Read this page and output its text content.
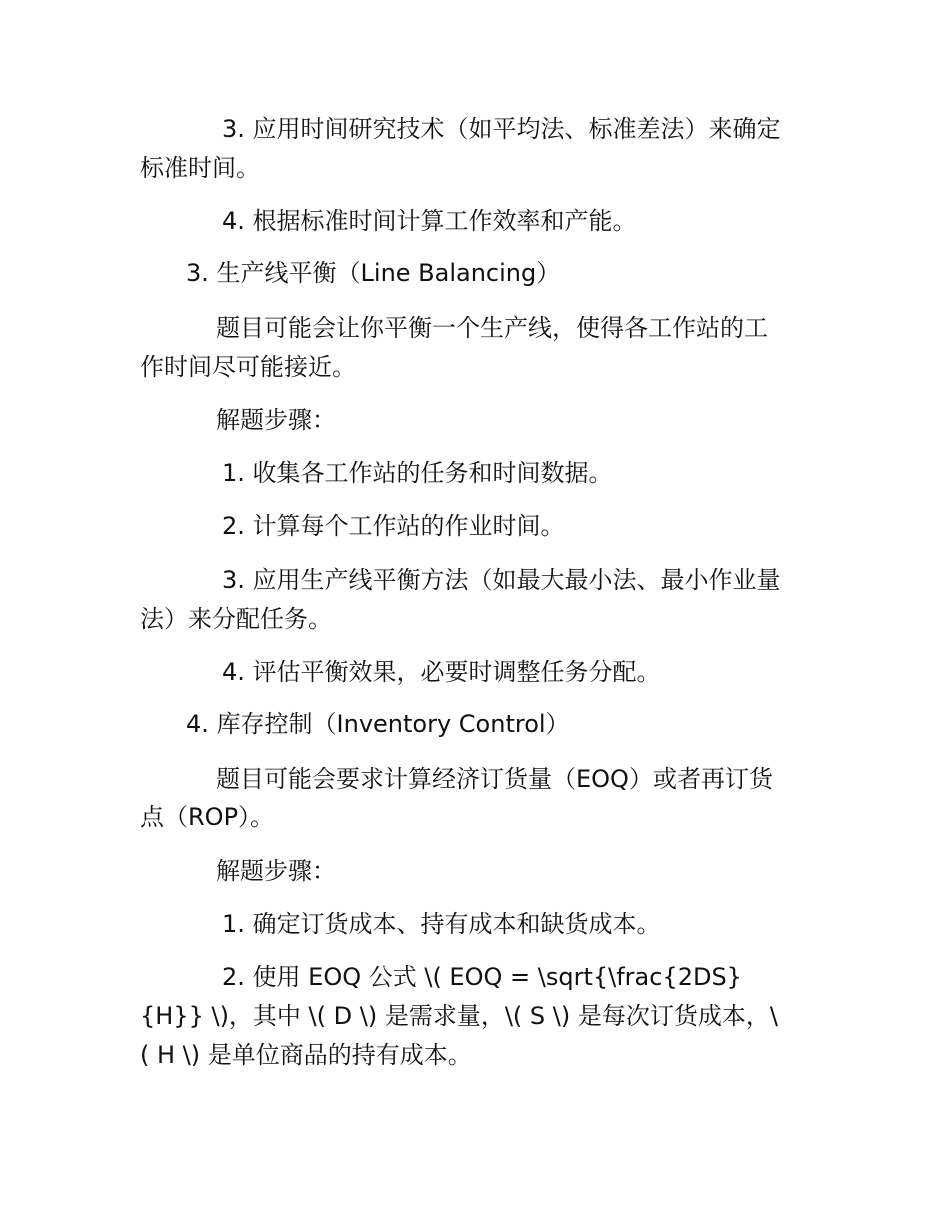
3. 应用时间研究技术（如平均法、标准差法）来确定
标准时间。
4. 根据标准时间计算工作效率和产能。
3. 生产线平衡（Line Balancing）
题目可能会让你平衡一个生产线，使得各工作站的工
作时间尽可能接近。
解题步骤：
1. 收集各工作站的任务和时间数据。
2. 计算每个工作站的作业时间。
3. 应用生产线平衡方法（如最大最小法、最小作业量
法）来分配任务。
4. 评估平衡效果，必要时调整任务分配。
4. 库存控制（Inventory Control）
题目可能会要求计算经济订货量（EOQ）或者再订货
点（ROP）。
解题步骤：
1. 确定订货成本、持有成本和缺货成本。
2. 使用 EOQ 公式 \( EOQ = \sqrt{\frac{2DS}
{H}} \)，其中 \( D \) 是需求量，\( S \) 是每次订货成本，\
( H \) 是单位商品的持有成本。
